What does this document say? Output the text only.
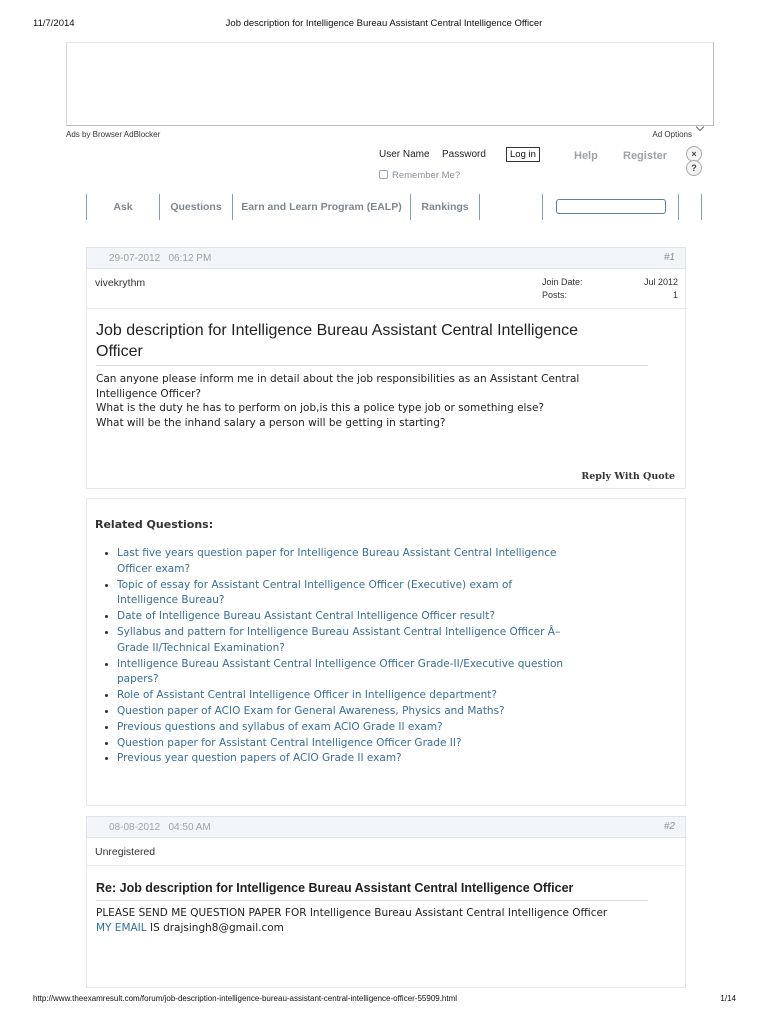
11/7/2014	Job description for Intelligence Bureau Assistant Central Intelligence Officer
Ads by Browser AdBlocker	Ad Options
User Name Password	Log in	Help Register
Remember Me?
×
?
Ask	Questions	Earn and Learn Program (EALP)	Rankings
29-07-2012 06:12 PM	#1
vivekrythm	Join Date:	Jul 2012
Posts:	1
Job description for Intelligence Bureau Assistant Central Intelligence
Officer
Can anyone please inform me in detail about the job responsibilities as an Assistant Central
Intelligence Officer?
What is the duty he has to perform on job,is this a police type job or something else?
What will be the inhand salary a person will be getting in starting?
Reply With Quote
Related Questions:
Last five years question paper for Intelligence Bureau Assistant Central Intelligence
Officer exam?
Topic of essay for Assistant Central Intelligence Officer (Executive) exam of
Intelligence Bureau?
Date of Intelligence Bureau Assistant Central Intelligence Officer result?
Syllabus and pattern for Intelligence Bureau Assistant Central Intelligence Officer Â–
Grade II/Technical Examination?
Intelligence Bureau Assistant Central Intelligence Officer Grade-II/Executive question
papers?
Role of Assistant Central Intelligence Officer in Intelligence department?
Question paper of ACIO Exam for General Awareness, Physics and Maths?
Previous questions and syllabus of exam ACIO Grade II exam?
Question paper for Assistant Central Intelligence Officer Grade II?
Previous year question papers of ACIO Grade II exam?
08-08-2012 04:50 AM	#2
Unregistered
Re: Job description for Intelligence Bureau Assistant Central Intelligence Officer
PLEASE SEND ME QUESTION PAPER FOR Intelligence Bureau Assistant Central Intelligence Officer
MY EMAIL IS drajsingh8@gmail.com
http://www.theexamresult.com/forum/job-description-intelligence-bureau-assistant-central-intelligence-officer-55909.html	1/14
